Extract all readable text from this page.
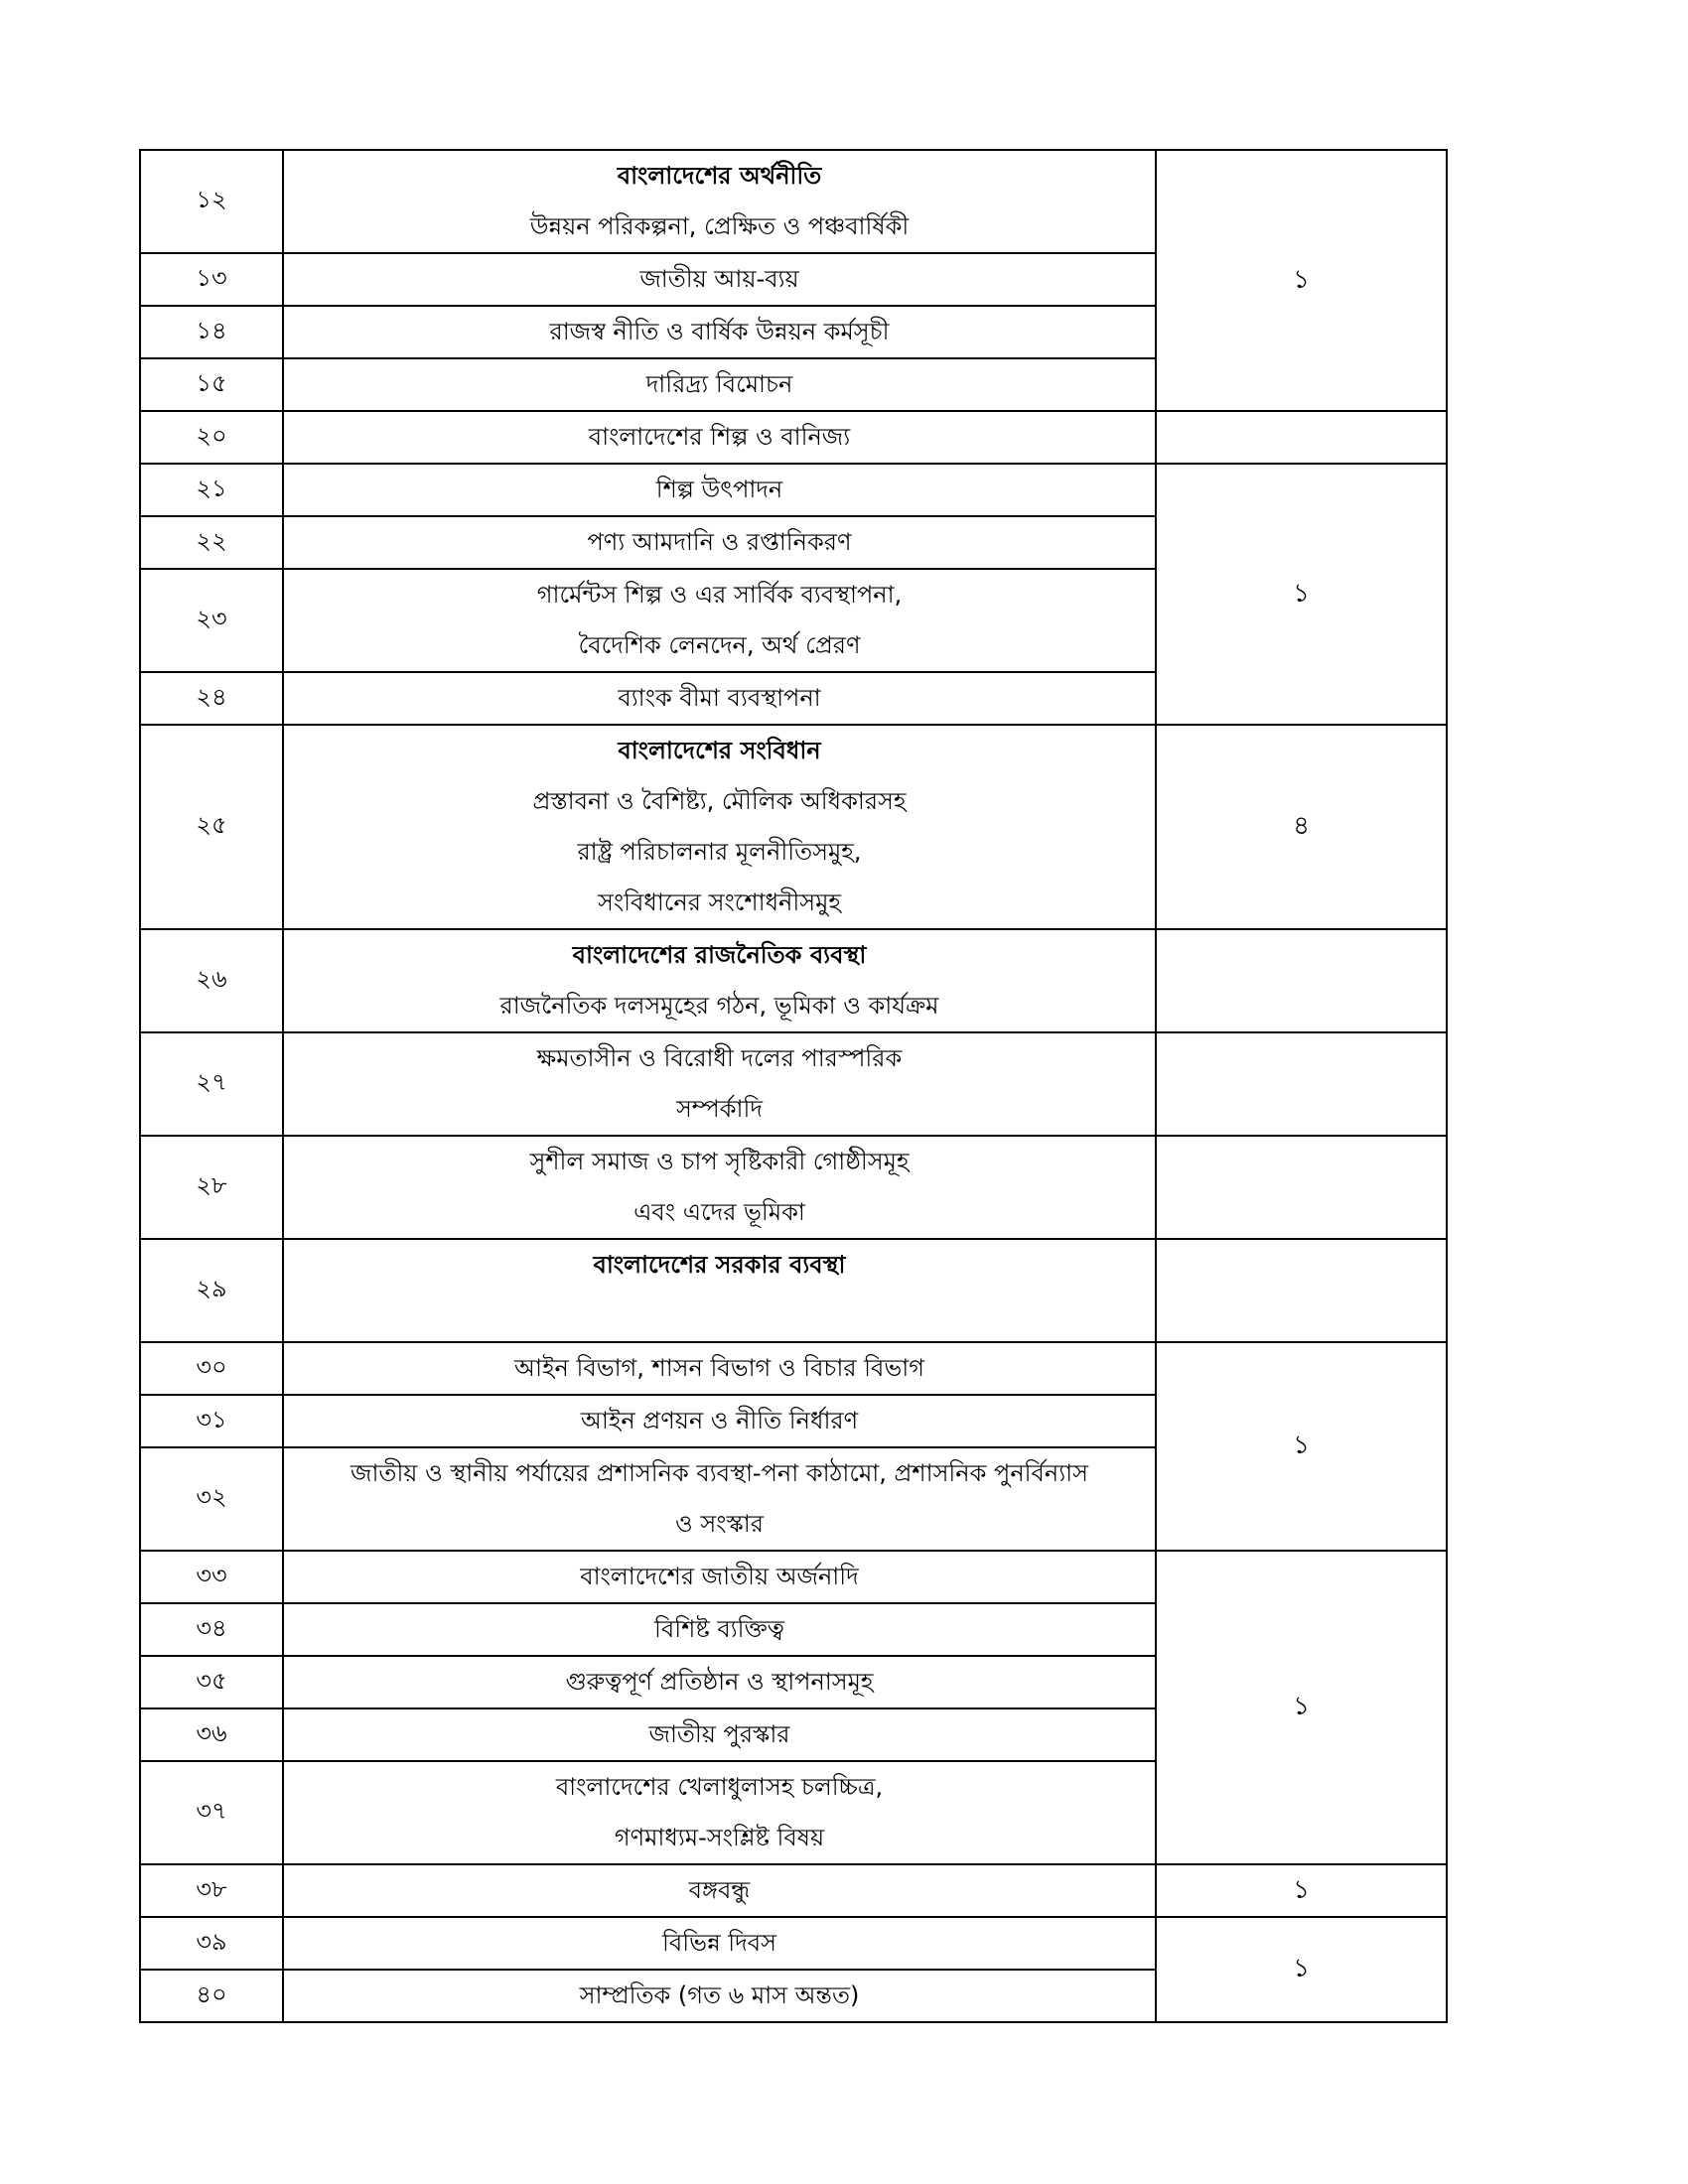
১২	বাংলাদেশের অর্থনীতি
উন্নয়ন পরিকল্পনা, প্রেক্ষিত ও পঞ্চবার্ষিকী	১
১৩	জাতীয় আয়-ব্যয়	

১৪	রাজস্ব নীতি ও বার্ষিক উন্নয়ন কর্মসূচী	

১৫	দারিদ্র্য বিমোচন	

২০	বাংলাদেশের শিল্প ও বানিজ্য	

২১	শিল্প উৎপাদন	১
২২	পণ্য আমদানি ও রপ্তানিকরণ	

২৩	গার্মেন্টস শিল্প ও এর সার্বিক ব্যবস্থাপনা,
বৈদেশিক লেনদেন, অর্থ প্রেরণ	

২৪	ব্যাংক বীমা ব্যবস্থাপনা	

২৫	বাংলাদেশের সংবিধান
প্রস্তাবনা ও বৈশিষ্ট্য, মৌলিক অধিকারসহ
রাষ্ট্র পরিচালনার মূলনীতিসমুহ,
সংবিধানের সংশোধনীসমুহ	৪
২৬	বাংলাদেশের রাজনৈতিক ব্যবস্থা
রাজনৈতিক দলসমূহের গঠন, ভূমিকা ও কার্যক্রম	

২৭	ক্ষমতাসীন ও বিরোধী দলের পারস্পরিক
সম্পর্কাদি	

২৮	সুশীল সমাজ ও চাপ সৃষ্টিকারী গোষ্ঠীসমূহ
এবং এদের ভূমিকা	

২৯	বাংলাদেশের সরকার ব্যবস্থা	

৩০	আইন বিভাগ, শাসন বিভাগ ও বিচার বিভাগ	১
৩১	আইন প্রণয়ন ও নীতি নির্ধারণ	

৩২	জাতীয় ও স্থানীয় পর্যায়ের প্রশাসনিক ব্যবস্থা-পনা কাঠামো, প্রশাসনিক পুনর্বিন্যাস
ও সংস্কার	

৩৩	বাংলাদেশের জাতীয় অর্জনাদি	১
৩৪	বিশিষ্ট ব্যক্তিত্ব	

৩৫	গুরুত্বপূর্ণ প্রতিষ্ঠান ও স্থাপনাসমূহ	

৩৬	জাতীয় পুরস্কার	

৩৭	বাংলাদেশের খেলাধুলাসহ চলচ্চিত্র,
গণমাধ্যম-সংশ্লিষ্ট বিষয়	

৩৮	বঙ্গবন্ধু	১
৩৯	বিভিন্ন দিবস	১
৪০	সাম্প্রতিক (গত ৬ মাস অন্তত)	
